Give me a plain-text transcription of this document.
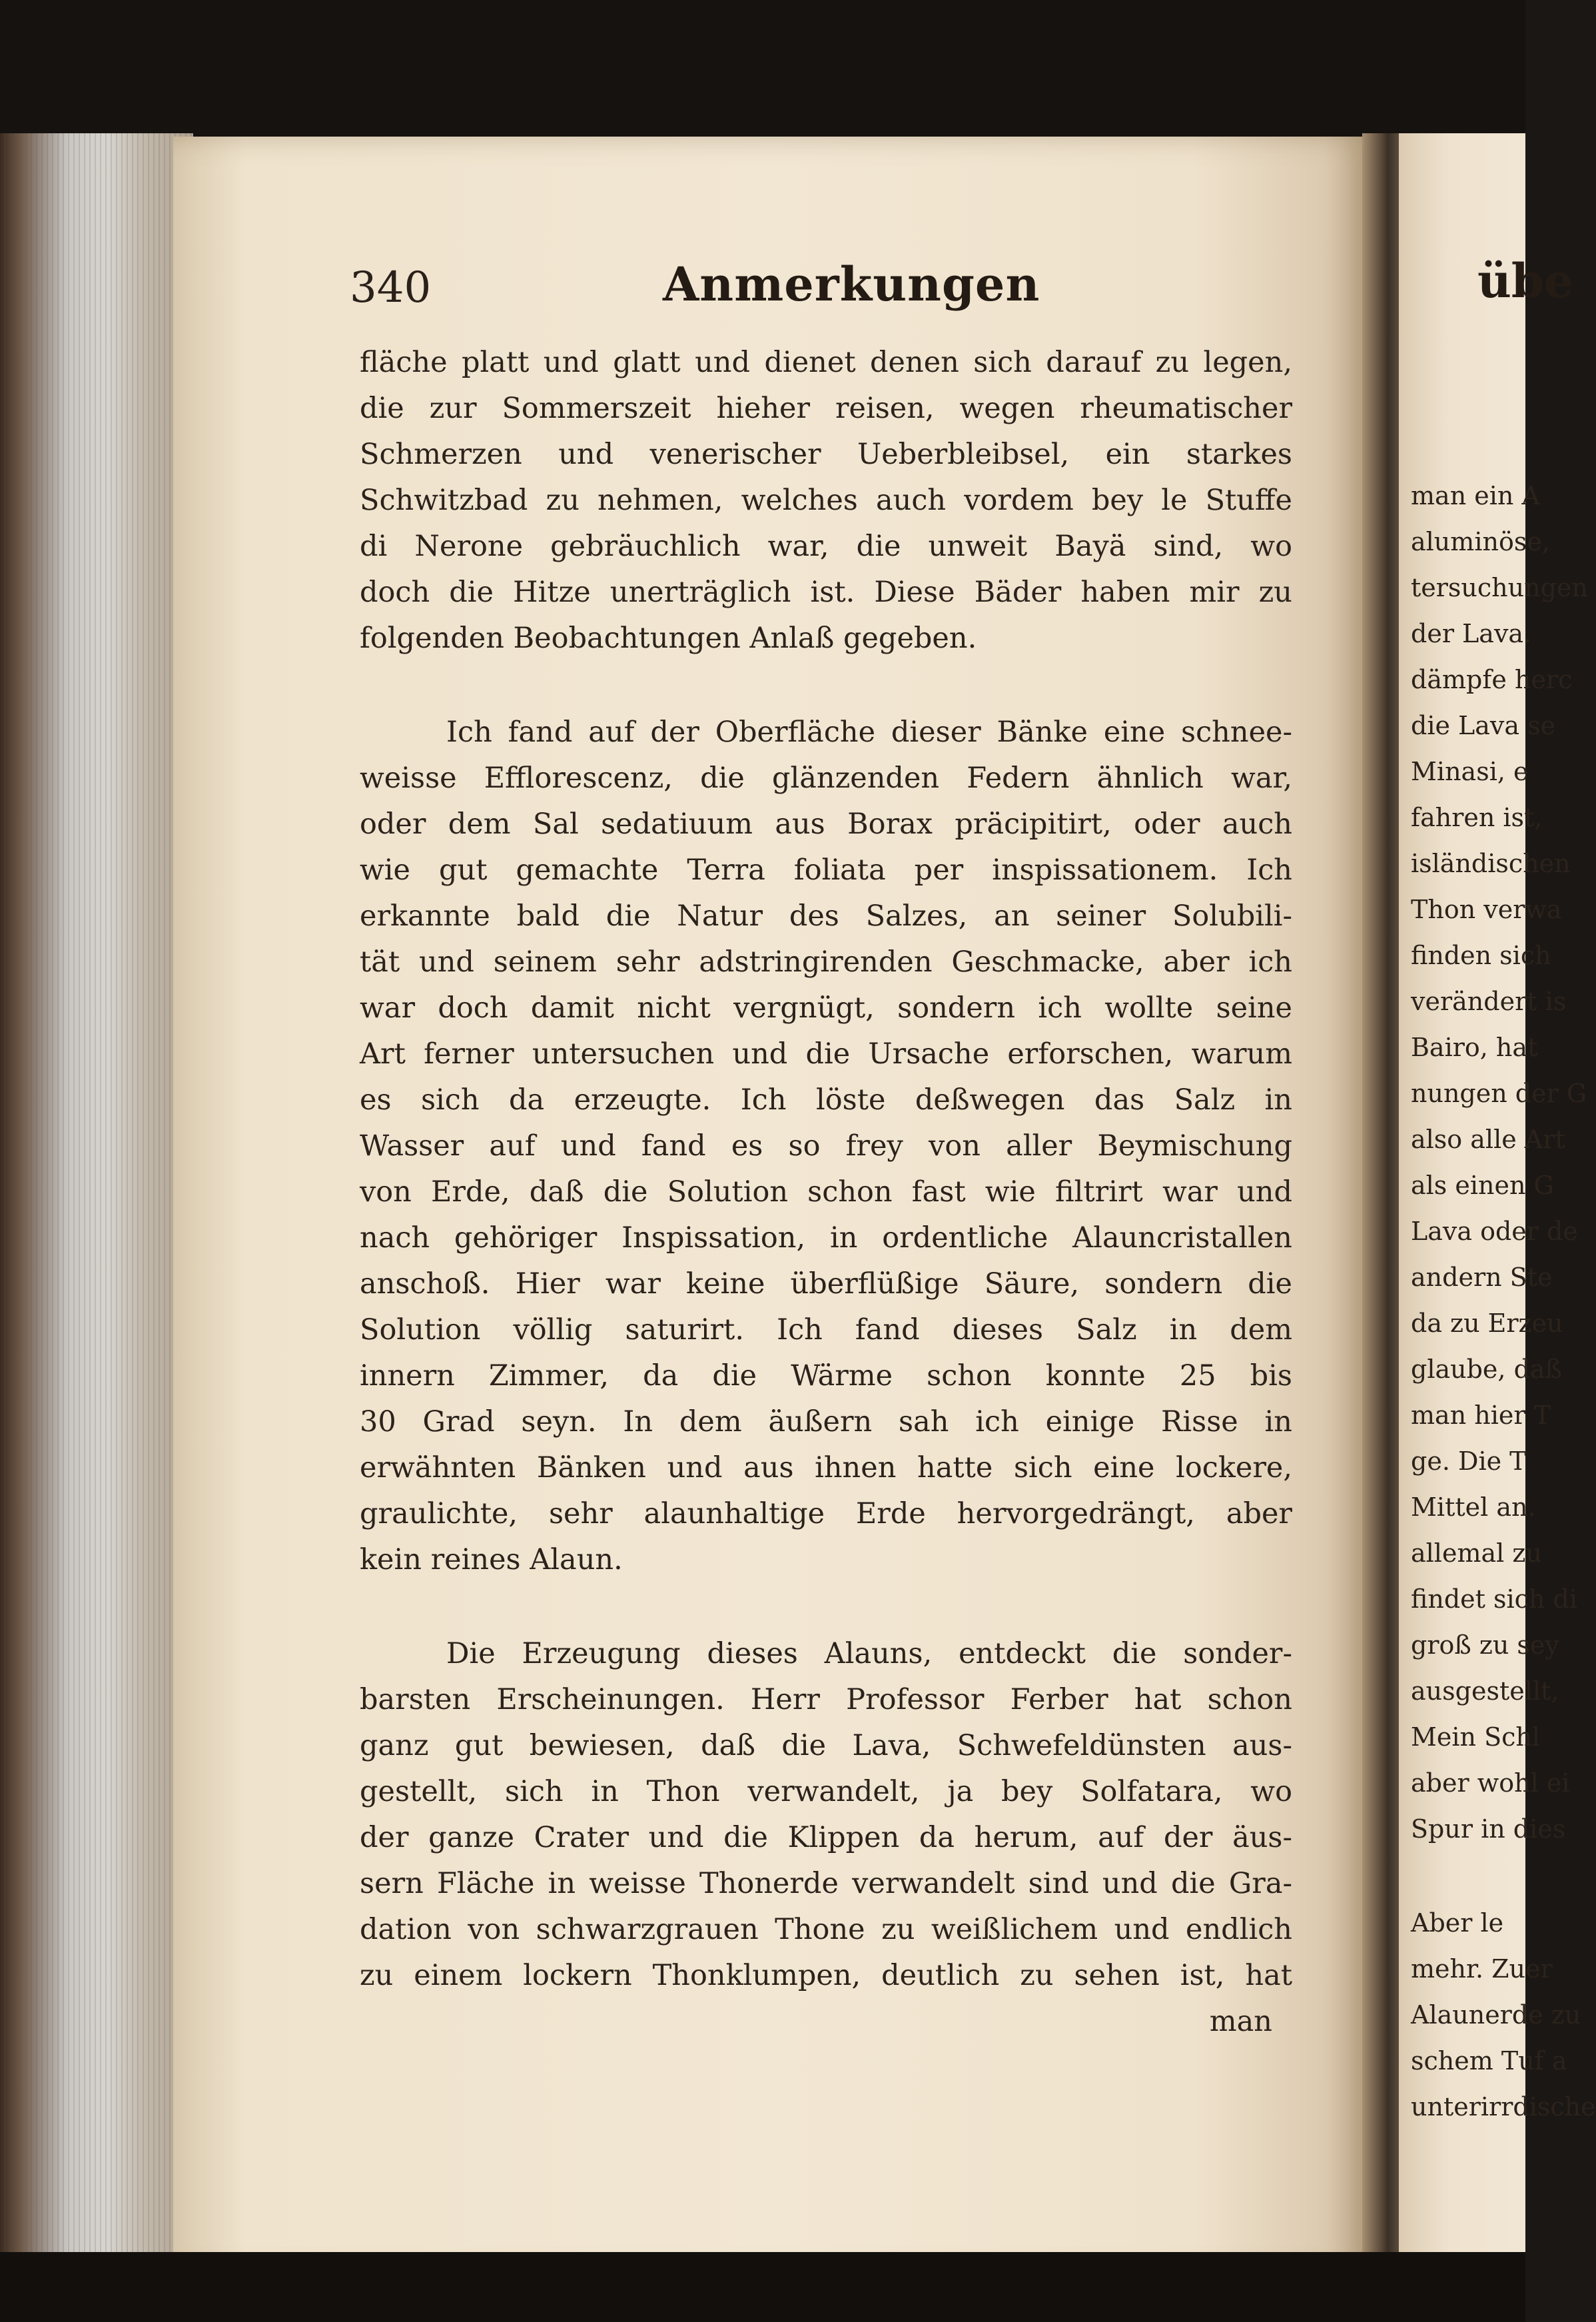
übe
man ein A
aluminöse,
tersuchungen
der Lava.
dämpfe herc
die Lava se
Minasi, e
fahren ist,
isländischen
Thon verwa
finden sich
verändert is
Bairo, hat
nungen der G
also alle Art
als einen G
Lava oder de
andern Ste
da zu Erzeu
glaube, daß
man hier T
ge. Die T
Mittel an.
allemal zu
findet sich di
groß zu sey
ausgestellt,
Mein Schl
aber wohl ei
Spur in dies
Aber le
mehr. Zuer
Alaunerde zu
schem Tuf a
unterirrdische
340	Anmerkungen
fläche platt und glatt und dienet denen sich darauf zu legen,
die zur Sommerszeit hieher reisen, wegen rheumatischer
Schmerzen und venerischer Ueberbleibsel, ein starkes
Schwitzbad zu nehmen, welches auch vordem bey le Stuffe
di Nerone gebräuchlich war, die unweit Bayä sind, wo
doch die Hitze unerträglich ist. Diese Bäder haben mir zu
folgenden Beobachtungen Anlaß gegeben.
Ich fand auf der Oberfläche dieser Bänke eine schnee-
weisse Efflorescenz, die glänzenden Federn ähnlich war,
oder dem Sal sedatiuum aus Borax präcipitirt, oder auch
wie gut gemachte Terra foliata per inspissationem. Ich
erkannte bald die Natur des Salzes, an seiner Solubili-
tät und seinem sehr adstringirenden Geschmacke, aber ich
war doch damit nicht vergnügt, sondern ich wollte seine
Art ferner untersuchen und die Ursache erforschen, warum
es sich da erzeugte. Ich löste deßwegen das Salz in
Wasser auf und fand es so frey von aller Beymischung
von Erde, daß die Solution schon fast wie filtrirt war und
nach gehöriger Inspissation, in ordentliche Alauncristallen
anschoß. Hier war keine überflüßige Säure, sondern die
Solution völlig saturirt. Ich fand dieses Salz in dem
innern Zimmer, da die Wärme schon konnte 25 bis
30 Grad seyn. In dem äußern sah ich einige Risse in
erwähnten Bänken und aus ihnen hatte sich eine lockere,
graulichte, sehr alaunhaltige Erde hervorgedrängt, aber
kein reines Alaun.
Die Erzeugung dieses Alauns, entdeckt die sonder-
barsten Erscheinungen. Herr Professor Ferber hat schon
ganz gut bewiesen, daß die Lava, Schwefeldünsten aus-
gestellt, sich in Thon verwandelt, ja bey Solfatara, wo
der ganze Crater und die Klippen da herum, auf der äus-
sern Fläche in weisse Thonerde verwandelt sind und die Gra-
dation von schwarzgrauen Thone zu weißlichem und endlich
zu einem lockern Thonklumpen, deutlich zu sehen ist, hat
man
